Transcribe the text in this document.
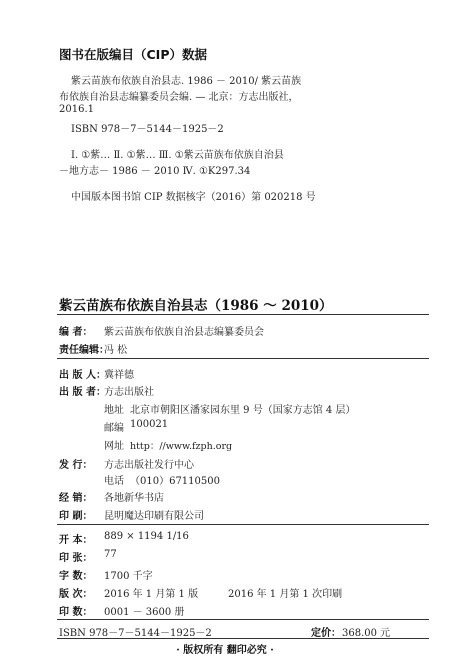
图书在版编目（CIP）数据
紫云苗族布依族自治县志. 1986 － 2010/ 紫云苗族
布依族自治县志编纂委员会编. — 北京：方志出版社，
2016.1
ISBN 978－7－5144－1925－2
Ⅰ. ①紫… Ⅱ. ①紫… Ⅲ. ①紫云苗族布依族自治县
－地方志－ 1986 － 2010 Ⅳ. ①K297.34
中国版本图书馆 CIP 数据核字（2016）第 020218 号
紫云苗族布依族自治县志（1986 ～ 2010）
编 者： 紫云苗族布依族自治县志编纂委员会
责任编辑：
冯 松
出 版 人：
冀祥德
出 版 者：
方志出版社
地址 北京市朝阳区潘家园东里 9 号（国家方志馆 4 层）
邮编 100021
网址 http：//www.fzph.org
发 行： 方志出版社发行中心
电话 （010）67110500
经 销： 各地新华书店
印 刷： 昆明魔达印刷有限公司
开 本： 889 × 1194 1/16
印 张： 77
字 数： 1700 千字
版 次： 2016 年 1 月第 1 版	2016 年 1 月第 1 次印刷
印 数： 0001 － 3600 册
ISBN 978－7－5144－1925－2	定价： 368.00 元
· 版权所有 翻印必究 ·
